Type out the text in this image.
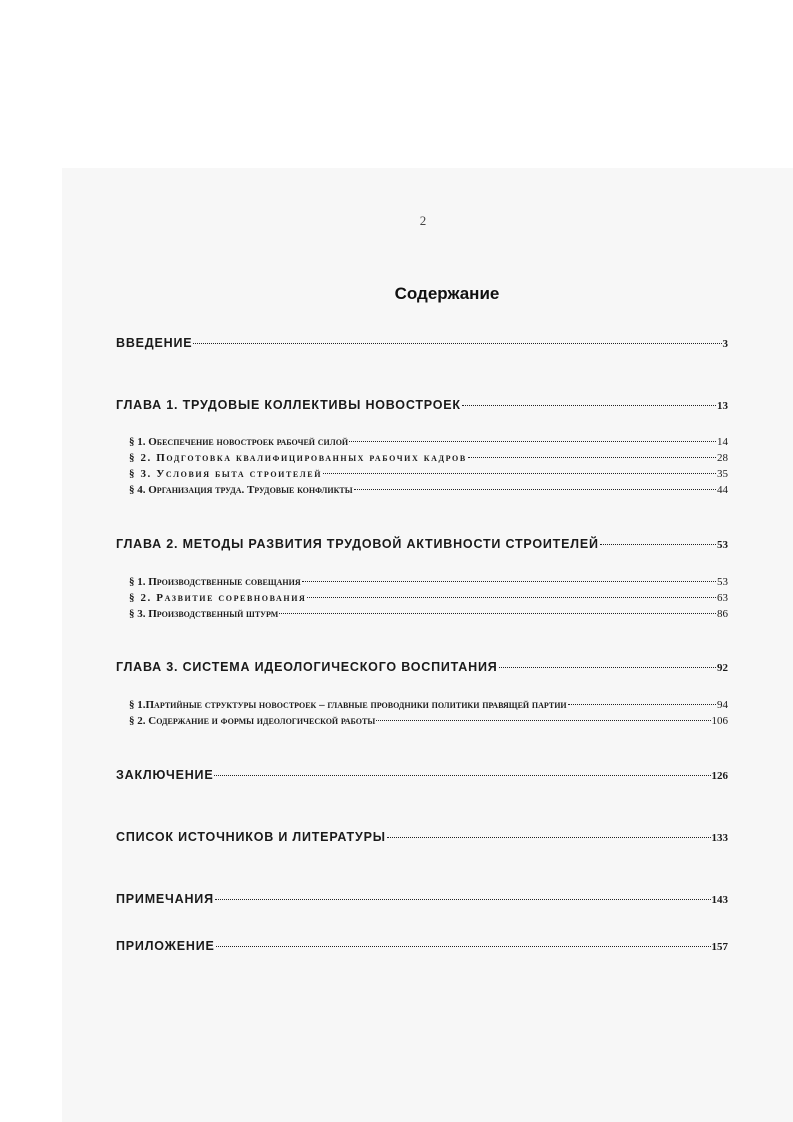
2
Содержание
ВВЕДЕНИЕ	3
ГЛАВА 1. ТРУДОВЫЕ КОЛЛЕКТИВЫ НОВОСТРОЕК	13
§ 1. Обеспечение новостроек рабочей силой	14
§ 2. Подготовка квалифицированных рабочих кадров	28
§ 3. Условия быта строителей	35
§ 4. Организация труда. Трудовые конфликты	44
ГЛАВА 2. МЕТОДЫ РАЗВИТИЯ ТРУДОВОЙ АКТИВНОСТИ СТРОИТЕЛЕЙ	53
§ 1. Производственные совещания	53
§ 2. Развитие соревнования	63
§ 3. Производственный штурм	86
ГЛАВА 3. СИСТЕМА ИДЕОЛОГИЧЕСКОГО ВОСПИТАНИЯ	92
§ 1.Партийные структуры новостроек – главные проводники политики правящей партии	94
§ 2. Содержание и формы идеологической работы	106
ЗАКЛЮЧЕНИЕ	126
СПИСОК ИСТОЧНИКОВ И ЛИТЕРАТУРЫ	133
ПРИМЕЧАНИЯ	143
ПРИЛОЖЕНИЕ	157
